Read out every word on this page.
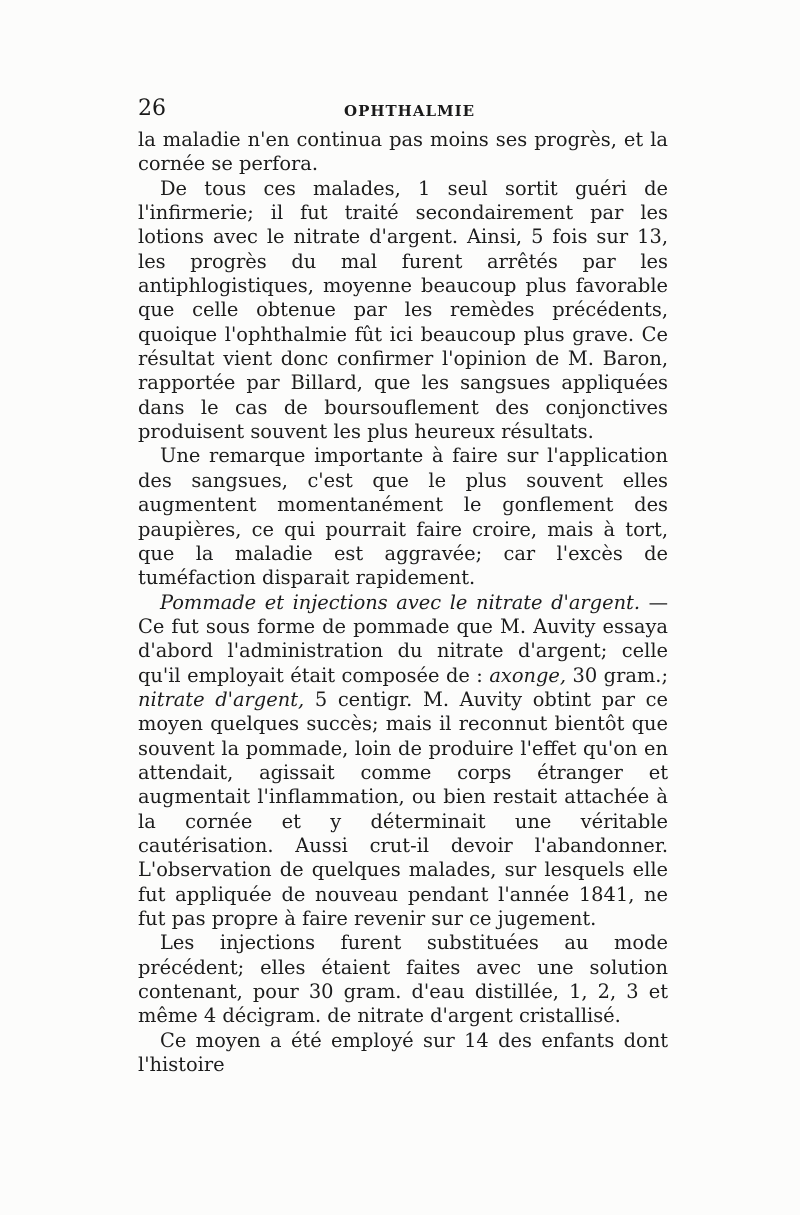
26	OPHTHALMIE

la maladie n'en continua pas moins ses progrès, et la cornée se perfora.

De tous ces malades, 1 seul sortit guéri de l'infirmerie; il fut traité secondairement par les lotions avec le nitrate d'argent. Ainsi, 5 fois sur 13, les progrès du mal furent arrêtés par les antiphlogistiques, moyenne beaucoup plus favorable que celle obtenue par les remèdes précédents, quoique l'ophthalmie fût ici beaucoup plus grave. Ce résultat vient donc confirmer l'opinion de M. Baron, rapportée par Billard, que les sangsues appliquées dans le cas de boursouflement des conjonctives produisent souvent les plus heureux résultats.

Une remarque importante à faire sur l'application des sangsues, c'est que le plus souvent elles augmentent momentanément le gonflement des paupières, ce qui pourrait faire croire, mais à tort, que la maladie est aggravée; car l'excès de tuméfaction disparait rapidement.

Pommade et injections avec le nitrate d'argent. — Ce fut sous forme de pommade que M. Auvity essaya d'abord l'administration du nitrate d'argent; celle qu'il employait était composée de : axonge, 30 gram.; nitrate d'argent, 5 centigr. M. Auvity obtint par ce moyen quelques succès; mais il reconnut bientôt que souvent la pommade, loin de produire l'effet qu'on en attendait, agissait comme corps étranger et augmentait l'inflammation, ou bien restait attachée à la cornée et y déterminait une véritable cautérisation. Aussi crut-il devoir l'abandonner. L'observation de quelques malades, sur lesquels elle fut appliquée de nouveau pendant l'année 1841, ne fut pas propre à faire revenir sur ce jugement.

Les injections furent substituées au mode précédent; elles étaient faites avec une solution contenant, pour 30 gram. d'eau distillée, 1, 2, 3 et même 4 décigram. de nitrate d'argent cristallisé.

Ce moyen a été employé sur 14 des enfants dont l'histoire
